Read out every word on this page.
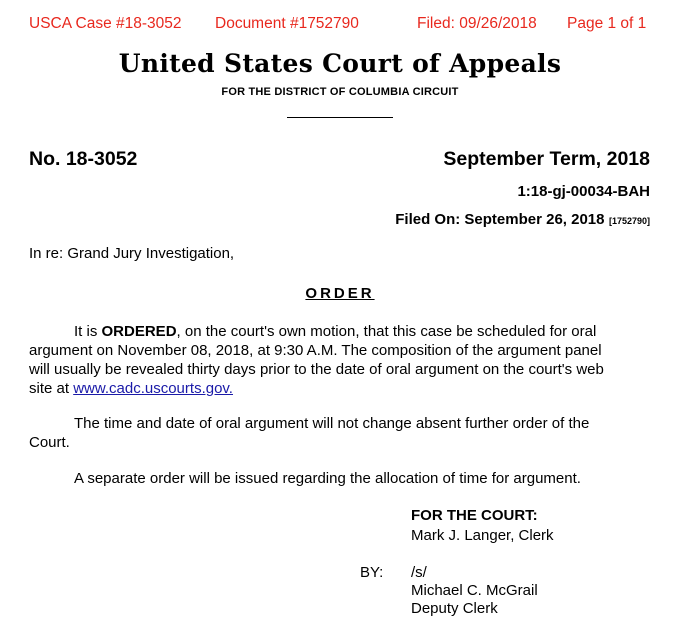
USCA Case #18-3052 Document #1752790	Filed: 09/26/2018 Page 1 of 1
United States Court of Appeals
FOR THE DISTRICT OF COLUMBIA CIRCUIT
No. 18-3052	September Term, 2018
1:18-gj-00034-BAH
Filed On: September 26, 2018 [1752790]
In re: Grand Jury Investigation,
ORDER
It is ORDERED, on the court's own motion, that this case be scheduled for oral
argument on November 08, 2018, at 9:30 A.M. The composition of the argument panel
will usually be revealed thirty days prior to the date of oral argument on the court's web
site at www.cadc.uscourts.gov.
The time and date of oral argument will not change absent further order of the
Court.
A separate order will be issued regarding the allocation of time for argument.
FOR THE COURT:
Mark J. Langer, Clerk
BY: /s/
Michael C. McGrail
Deputy Clerk
